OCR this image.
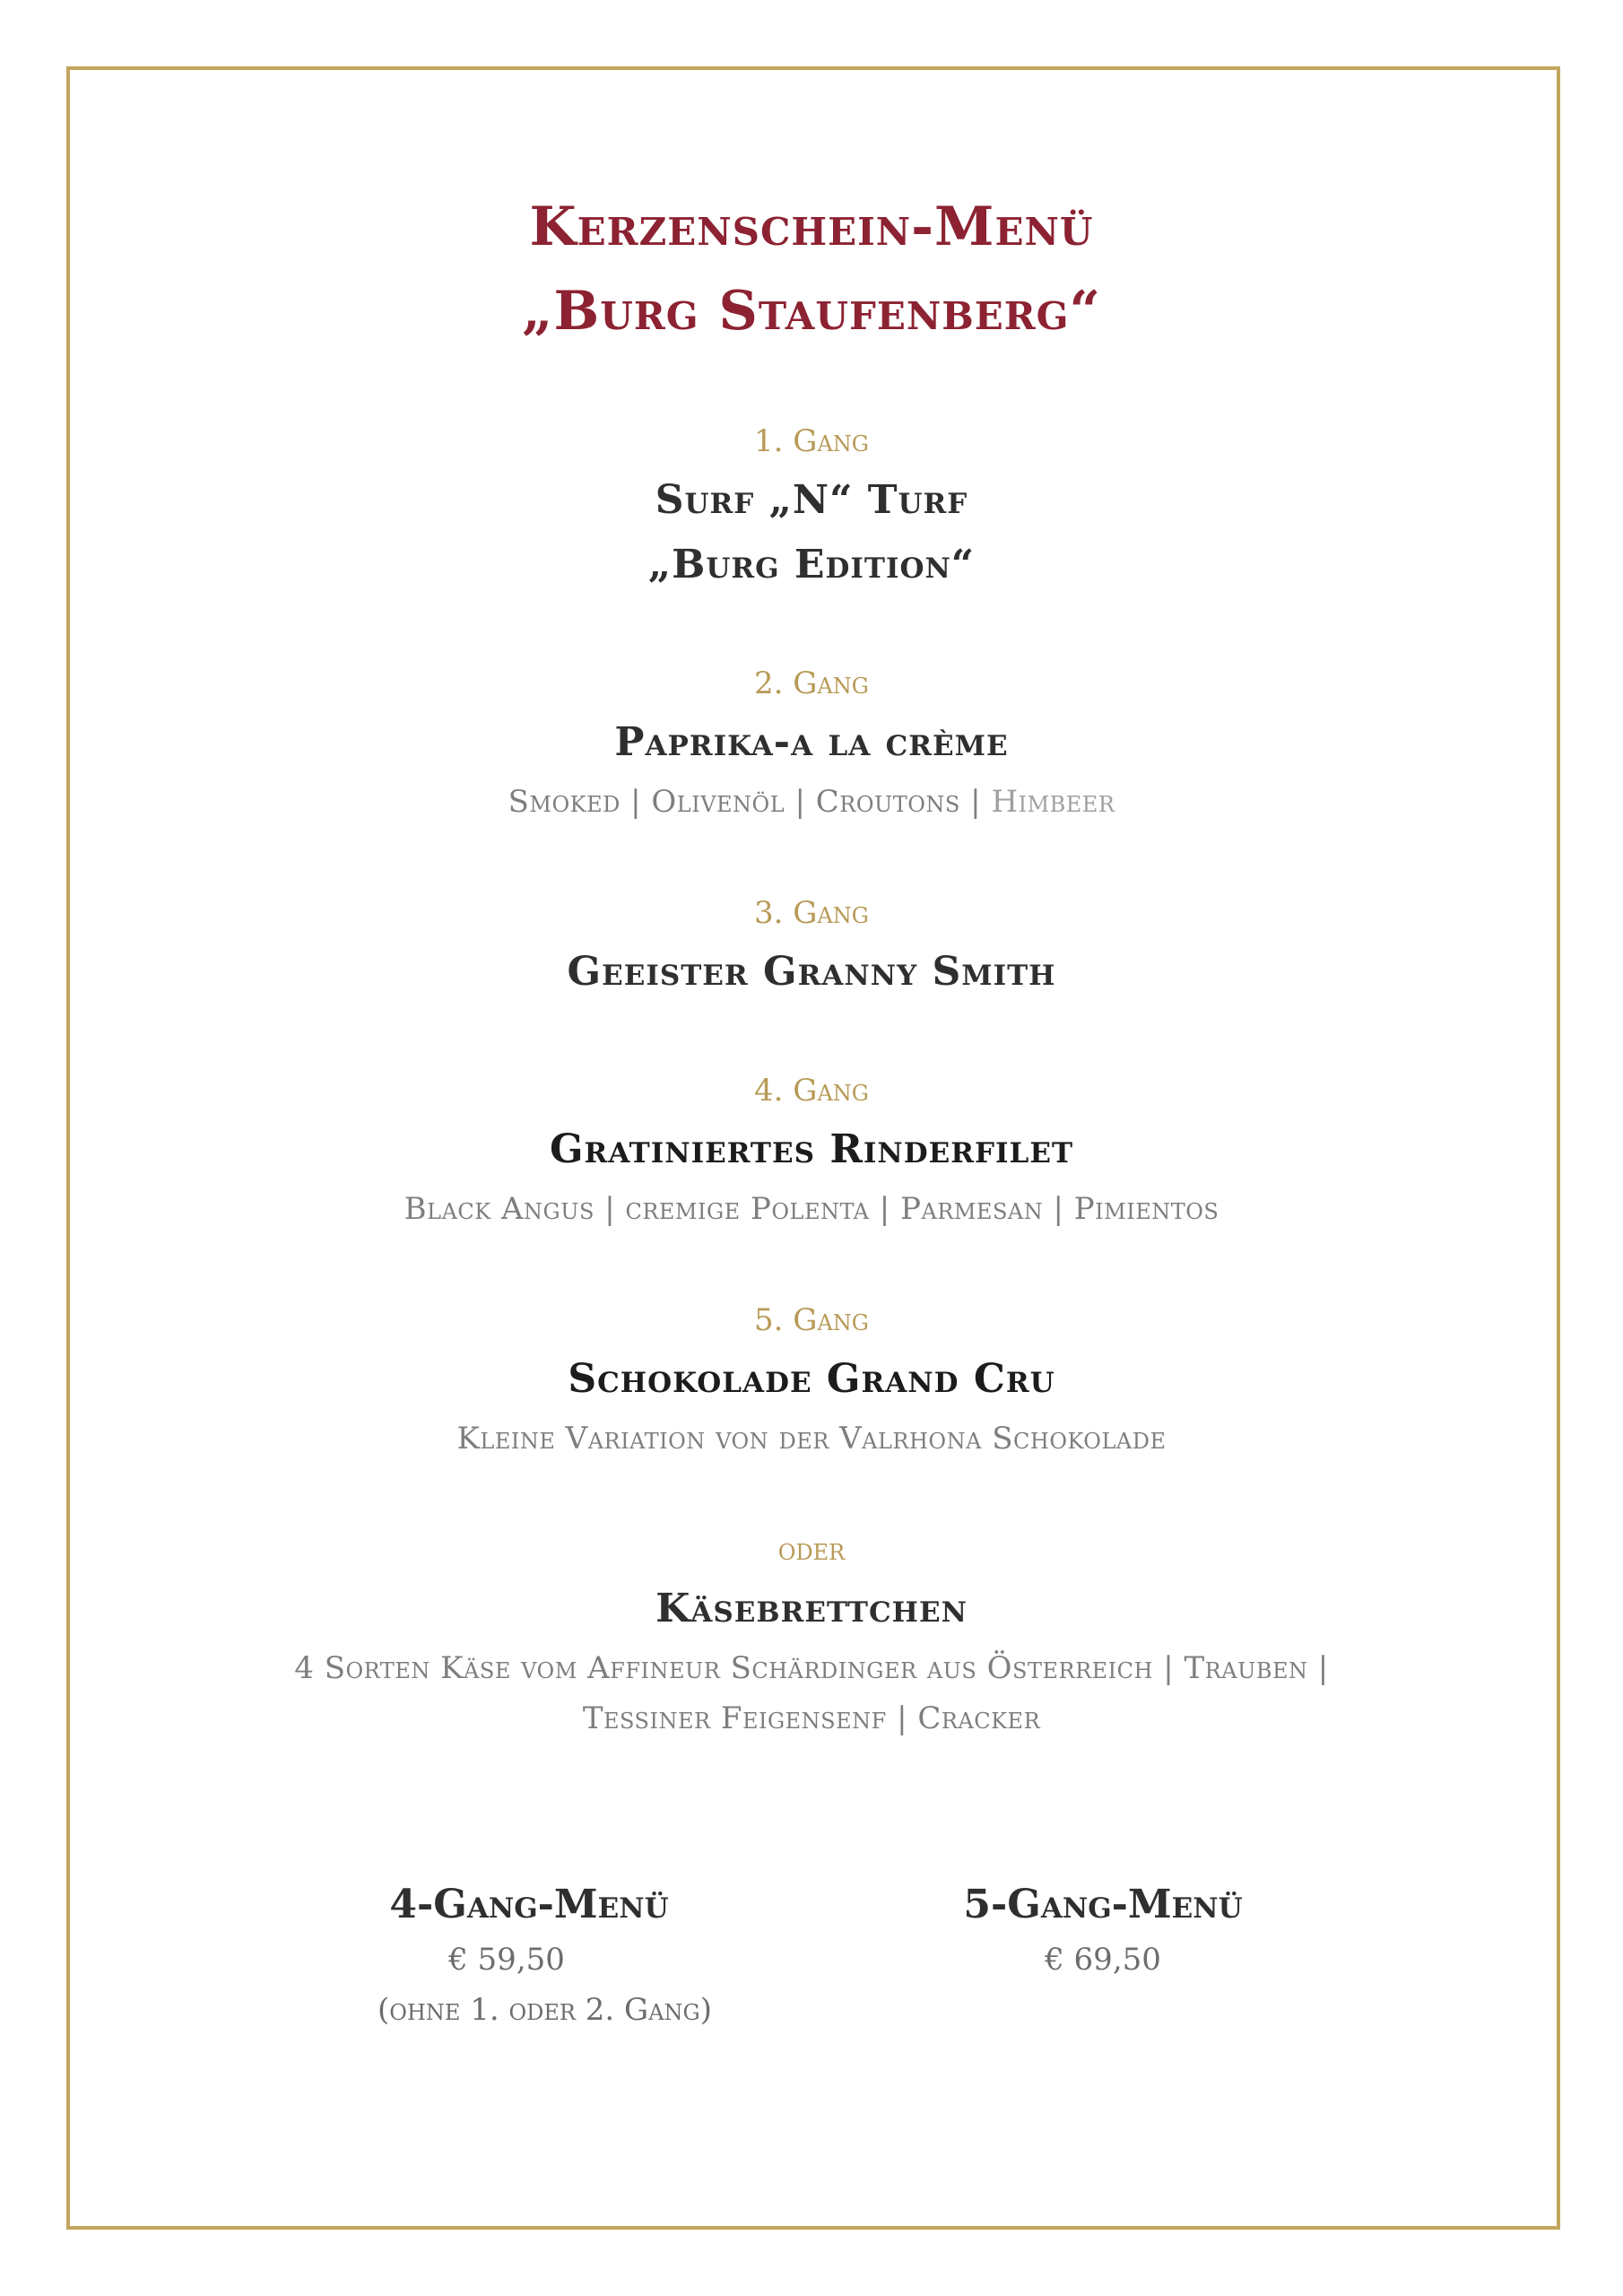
Kerzenschein-Menü
„Burg Staufenberg“

1. Gang

Surf „N“ Turf

„Burg Edition“

2. Gang

Paprika-a la crème

Smoked | Olivenöl | Croutons | Himbeer

3. Gang

Geeister Granny Smith

4. Gang

Gratiniertes Rinderfilet

Black Angus | cremige Polenta | Parmesan | Pimientos

5. Gang

Schokolade Grand Cru

Kleine Variation von der Valrhona Schokolade

oder

Käsebrettchen

4 Sorten Käse vom Affineur Schärdinger aus Österreich | Trauben |

Tessiner Feigensenf | Cracker

4-Gang-Menü
€ 59,50
(ohne 1. oder 2. Gang)
5-Gang-Menü
€ 69,50
